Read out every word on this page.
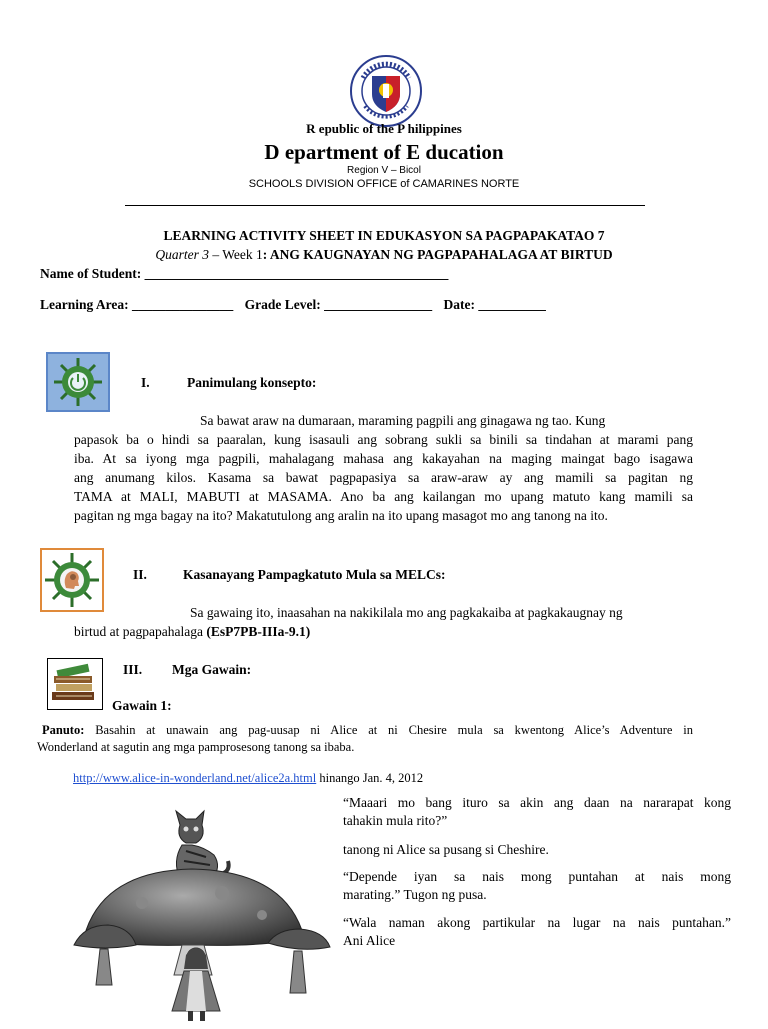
R epublic of the P hilippines
D epartment of E ducation
Region V – Bicol
SCHOOLS DIVISION OFFICE of CAMARINES NORTE
LEARNING ACTIVITY SHEET IN EDUKASYON SA PAGPAPAKATAO 7
Quarter 3 – Week 1: ANG KAUGNAYAN NG PAGPAPAHALAGA AT BIRTUD
Name of Student: _____________________________________________
Learning Area: _______________ Grade Level: ________________ Date: __________
I.	Panimulang konsepto:
Sa bawat araw na dumaraan, maraming pagpili ang ginagawa ng tao. Kung
papasok ba o hindi sa paaralan, kung isasauli ang sobrang sukli sa binili sa tindahan at marami pang
iba. At sa iyong mga pagpili, mahalagang mahasa ang kakayahan na maging maingat bago isagawa
ang anumang kilos. Kasama sa bawat pagpapasiya sa araw-araw ay ang mamili sa pagitan ng
TAMA at MALI, MABUTI at MASAMA. Ano ba ang kailangan mo upang matuto kang mamili sa
pagitan ng mga bagay na ito? Makatutulong ang aralin na ito upang masagot mo ang tanong na ito.
II.	Kasanayang Pampagkatuto Mula sa MELCs:
Sa gawaing ito, inaasahan na nakikilala mo ang pagkakaiba at pagkakaugnay ng
birtud at pagpapahalaga (EsP7PB-IIIa-9.1)
III. Mga Gawain:
Gawain 1:
Panuto: Basahin at unawain ang pag-uusap ni Alice at ni Chesire mula sa kwentong Alice’s Adventure in
Wonderland at sagutin ang mga pamprosesong tanong sa ibaba.
http://www.alice-in-wonderland.net/alice2a.html hinango Jan. 4, 2012
“Maaari mo bang ituro sa akin ang daan na nararapat kong
tahakin mula rito?”
tanong ni Alice sa pusang si Cheshire.
“Depende iyan sa nais mong puntahan at nais mong
marating.” Tugon ng pusa.
“Wala naman akong partikular na lugar na nais puntahan.”
Ani Alice
